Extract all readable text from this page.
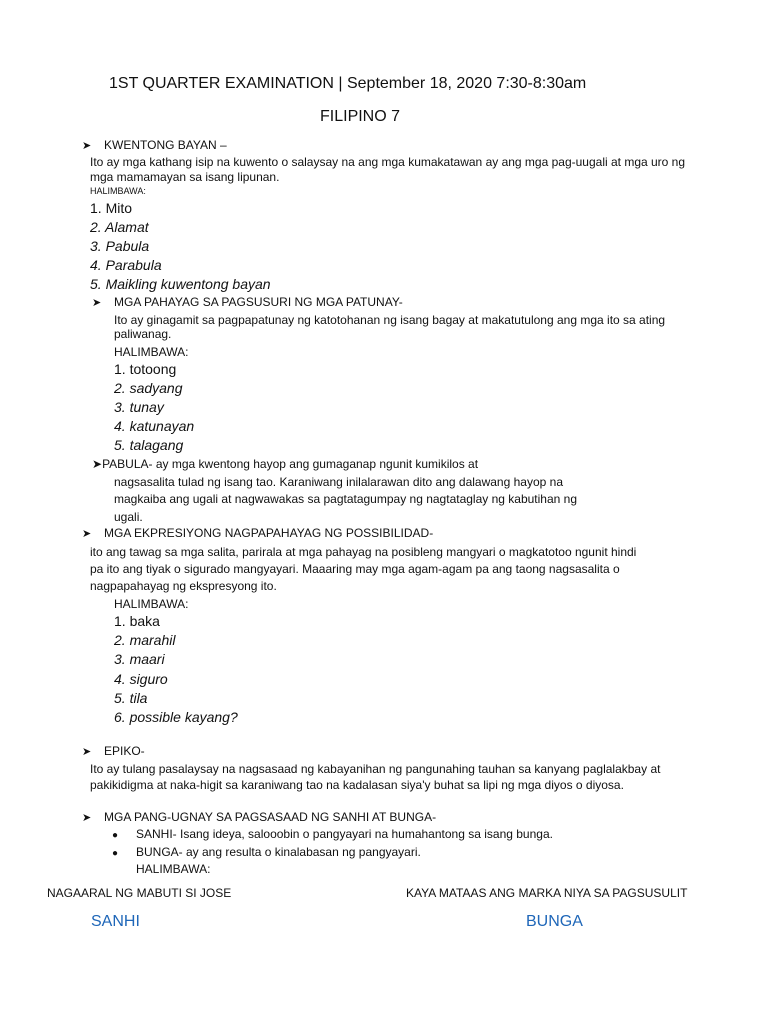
1ST QUARTER EXAMINATION | September 18, 2020 7:30-8:30am
FILIPINO 7
➤ KWENTONG BAYAN –
Ito ay mga kathang isip na kuwento o salaysay na ang mga kumakatawan ay ang mga pag-uugali at mga uro ng
mga mamamayan sa isang lipunan.
HALIMBAWA:
1. Mito
2. Alamat
3. Pabula
4. Parabula
5. Maikling kuwentong bayan
➤ MGA PAHAYAG SA PAGSUSURI NG MGA PATUNAY-
Ito ay ginagamit sa pagpapatunay ng katotohanan ng isang bagay at makatutulong ang mga ito sa ating
paliwanag.
HALIMBAWA:
1. totoong
2. sadyang
3. tunay
4. katunayan
5. talagang
➤PABULA- ay mga kwentong hayop ang gumaganap ngunit kumikilos at
nagsasalita tulad ng isang tao. Karaniwang inilalarawan dito ang dalawang hayop na
magkaiba ang ugali at nagwawakas sa pagtatagumpay ng nagtataglay ng kabutihan ng
ugali.
➤ MGA EKPRESIYONG NAGPAPAHAYAG NG POSSIBILIDAD-
ito ang tawag sa mga salita, parirala at mga pahayag na posibleng mangyari o magkatotoo ngunit hindi
pa ito ang tiyak o sigurado mangyayari. Maaaring may mga agam-agam pa ang taong nagsasalita o
nagpapahayag ng ekspresyong ito.
HALIMBAWA:
1. baka
2. marahil
3. maari
4. siguro
5. tila
6. possible kayang?
➤ EPIKO-
Ito ay tulang pasalaysay na nagsasaad ng kabayanihan ng pangunahing tauhan sa kanyang paglalakbay at
pakikidigma at naka-higit sa karaniwang tao na kadalasan siya'y buhat sa lipi ng mga diyos o diyosa.
➤ MGA PANG-UGNAY SA PAGSASAAD NG SANHI AT BUNGA-
● SANHI- Isang ideya, salooobin o pangyayari na humahantong sa isang bunga.
● BUNGA- ay ang resulta o kinalabasan ng pangyayari.
HALIMBAWA:
NAGAARAL NG MABUTI SI JOSE	KAYA MATAAS ANG MARKA NIYA SA PAGSUSULIT
SANHI	BUNGA
